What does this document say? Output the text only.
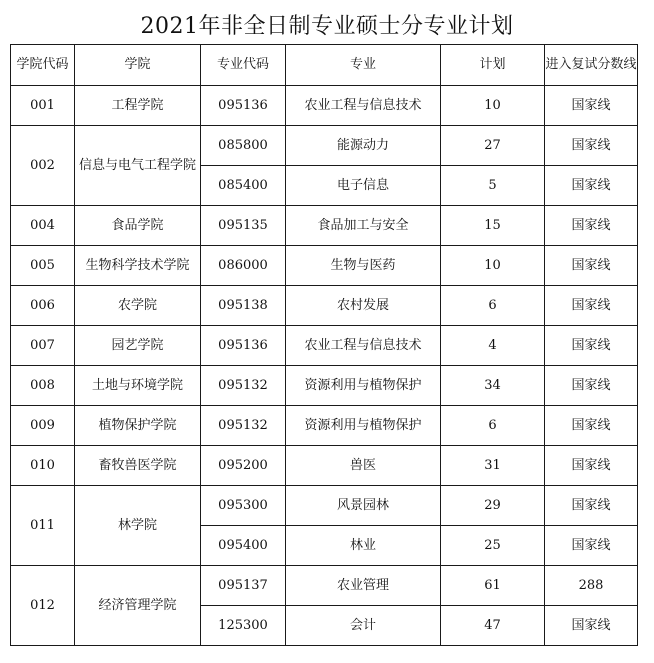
2021年非全日制专业硕士分专业计划
学院代码	学院	专业代码	专业	计划	进入复试分数线
001	工程学院	095136	农业工程与信息技术	10	国家线
002	信息与电气工程学院	085800	能源动力	27	国家线
		085400	电子信息	5	国家线
004	食品学院	095135	食品加工与安全	15	国家线
005	生物科学技术学院	086000	生物与医药	10	国家线
006	农学院	095138	农村发展	6	国家线
007	园艺学院	095136	农业工程与信息技术	4	国家线
008	土地与环境学院	095132	资源利用与植物保护	34	国家线
009	植物保护学院	095132	资源利用与植物保护	6	国家线
010	畜牧兽医学院	095200	兽医	31	国家线
011	林学院	095300	风景园林	29	国家线
		095400	林业	25	国家线
012	经济管理学院	095137	农业管理	61	288
		125300	会计	47	国家线
